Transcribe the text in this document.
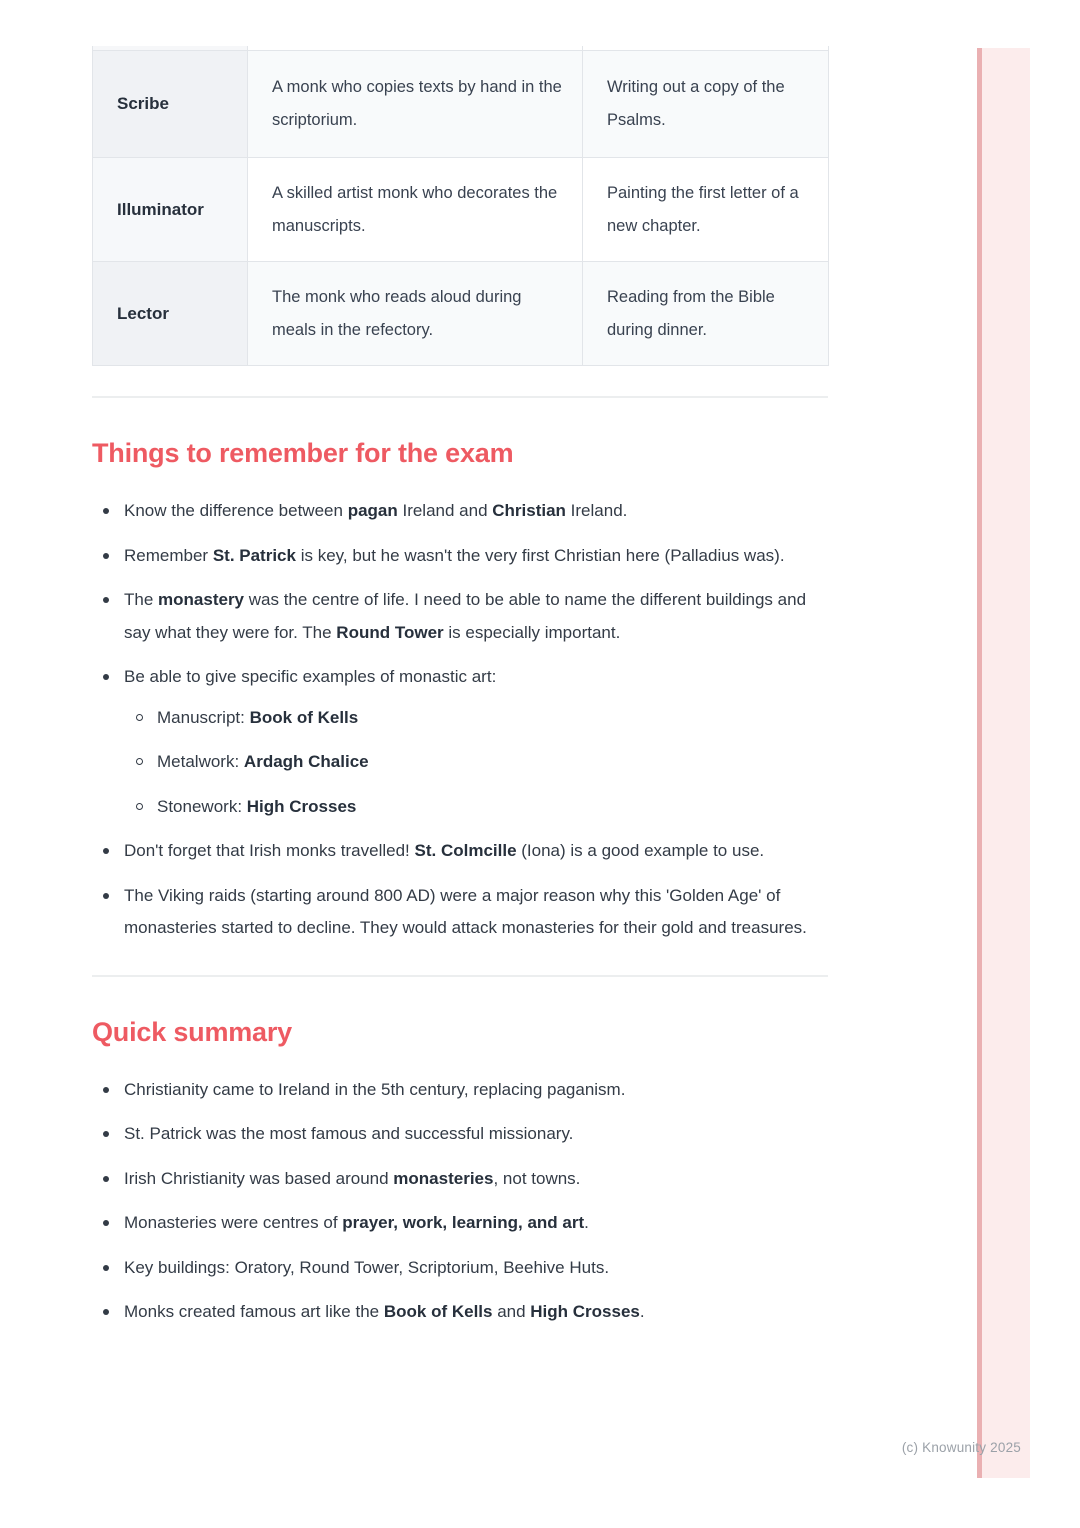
Scribe	A monk who copies texts by hand in the scriptorium.	Writing out a copy of the Psalms.
Illuminator	A skilled artist monk who decorates the manuscripts.	Painting the first letter of a new chapter.
Lector	The monk who reads aloud during meals in the refectory.	Reading from the Bible during dinner.
Things to remember for the exam
Know the difference between pagan Ireland and Christian Ireland.
Remember St. Patrick is key, but he wasn't the very first Christian here (Palladius was).
The monastery was the centre of life. I need to be able to name the different buildings and say what they were for. The Round Tower is especially important.
Be able to give specific examples of monastic art:
Manuscript: Book of Kells
Metalwork: Ardagh Chalice
Stonework: High Crosses
Don't forget that Irish monks travelled! St. Colmcille (Iona) is a good example to use.
The Viking raids (starting around 800 AD) were a major reason why this 'Golden Age' of monasteries started to decline. They would attack monasteries for their gold and treasures.
Quick summary
Christianity came to Ireland in the 5th century, replacing paganism.
St. Patrick was the most famous and successful missionary.
Irish Christianity was based around monasteries, not towns.
Monasteries were centres of prayer, work, learning, and art.
Key buildings: Oratory, Round Tower, Scriptorium, Beehive Huts.
Monks created famous art like the Book of Kells and High Crosses.
(c) Knowunity 2025
